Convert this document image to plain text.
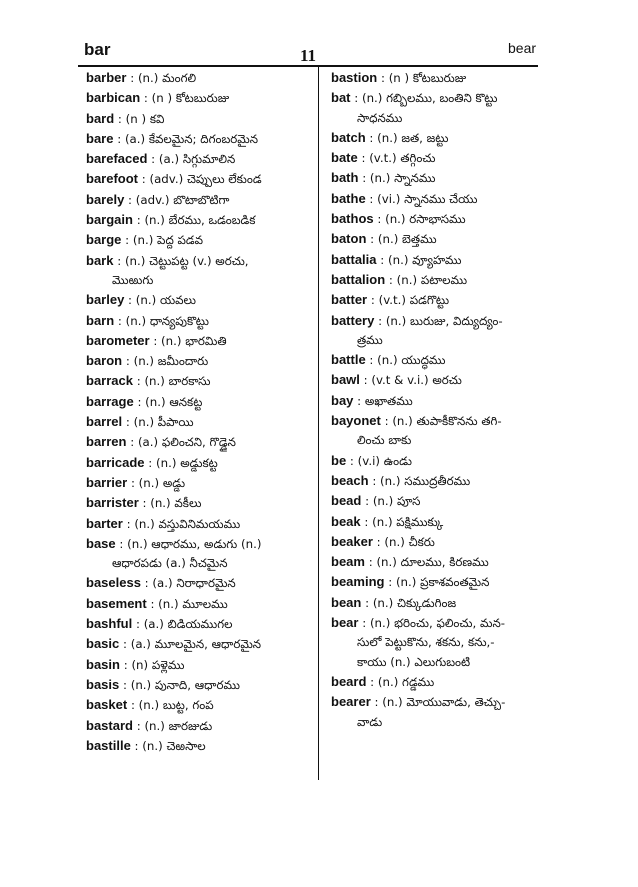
bar	11	bear
barber : (n.) మంగలి
barbican : (n ) కోటబురుజు
bard : (n ) కవి
bare : (a.) కేవలమైన; దిగంబరమైన
barefaced : (a.) సిగ్గుమాలిన
barefoot : (adv.) చెప్పులు లేకుండ
barely : (adv.) బొటాబొటిగా
bargain : (n.) బేరము, ఒడంబడిక
barge : (n.) పెద్ద పడవ
bark : (n.) చెట్టుపట్ట (v.) అరచు,
మొఱుగు
barley : (n.) యవలు
barn : (n.) ధాన్యపుకొట్టు
barometer : (n.) భారమితి
baron : (n.) జమీందారు
barrack : (n.) బారకాసు
barrage : (n.) ఆనకట్ట
barrel : (n.) పీపాయి
barren : (a.) ఫలించని, గొడ్డైన
barricade : (n.) అడ్డుకట్ట
barrier : (n.) అడ్డు
barrister : (n.) వకీలు
barter : (n.) వస్తువినిమయము
base : (n.) ఆధారము, అడుగు (n.)
ఆధారపడు (a.) నీచమైన
baseless : (a.) నిరాధారమైన
basement : (n.) మూలము
bashful : (a.) బిడియముగల
basic : (a.) మూలమైన, ఆధారమైన
basin : (n) పళ్లెము
basis : (n.) పునాది, ఆధారము
basket : (n.) బుట్ట, గంప
bastard : (n.) జారజుడు
bastille : (n.) చెఱసాల
bastion : (n ) కోటబురుజు
bat : (n.) గబ్బిలము, బంతిని కొట్టు
సాధనము
batch : (n.) జత, జట్టు
bate : (v.t.) తగ్గించు
bath : (n.) స్నానము
bathe : (vi.) స్నానము చేయు
bathos : (n.) రసాభాసము
baton : (n.) బెత్తము
battalia : (n.) వ్యూహము
battalion : (n.) పటాలము
batter : (v.t.) పడగొట్టు
battery : (n.) బురుజు, విద్యుద్యం-
త్రము
battle : (n.) యుద్ధము
bawl : (v.t & v.i.) అరచు
bay : అఖాతము
bayonet : (n.) తుపాకీకొనను తగి-
లించు బాకు
be : (v.i) ఉండు
beach : (n.) సముద్రతీరము
bead : (n.) పూస
beak : (n.) పక్షిముక్కు
beaker : (n.) చీకరు
beam : (n.) దూలము, కిరణము
beaming : (n.) ప్రకాశవంతమైన
bean : (n.) చిక్కుడుగింజ
bear : (n.) భరించు, ఫలించు, మన-
సులో పెట్టుకొను, శకను, కను,-
కాయు (n.) ఎలుగుబంటి
beard : (n.) గడ్డము
bearer : (n.) మోయువాడు, తెచ్చు-
వాడు
